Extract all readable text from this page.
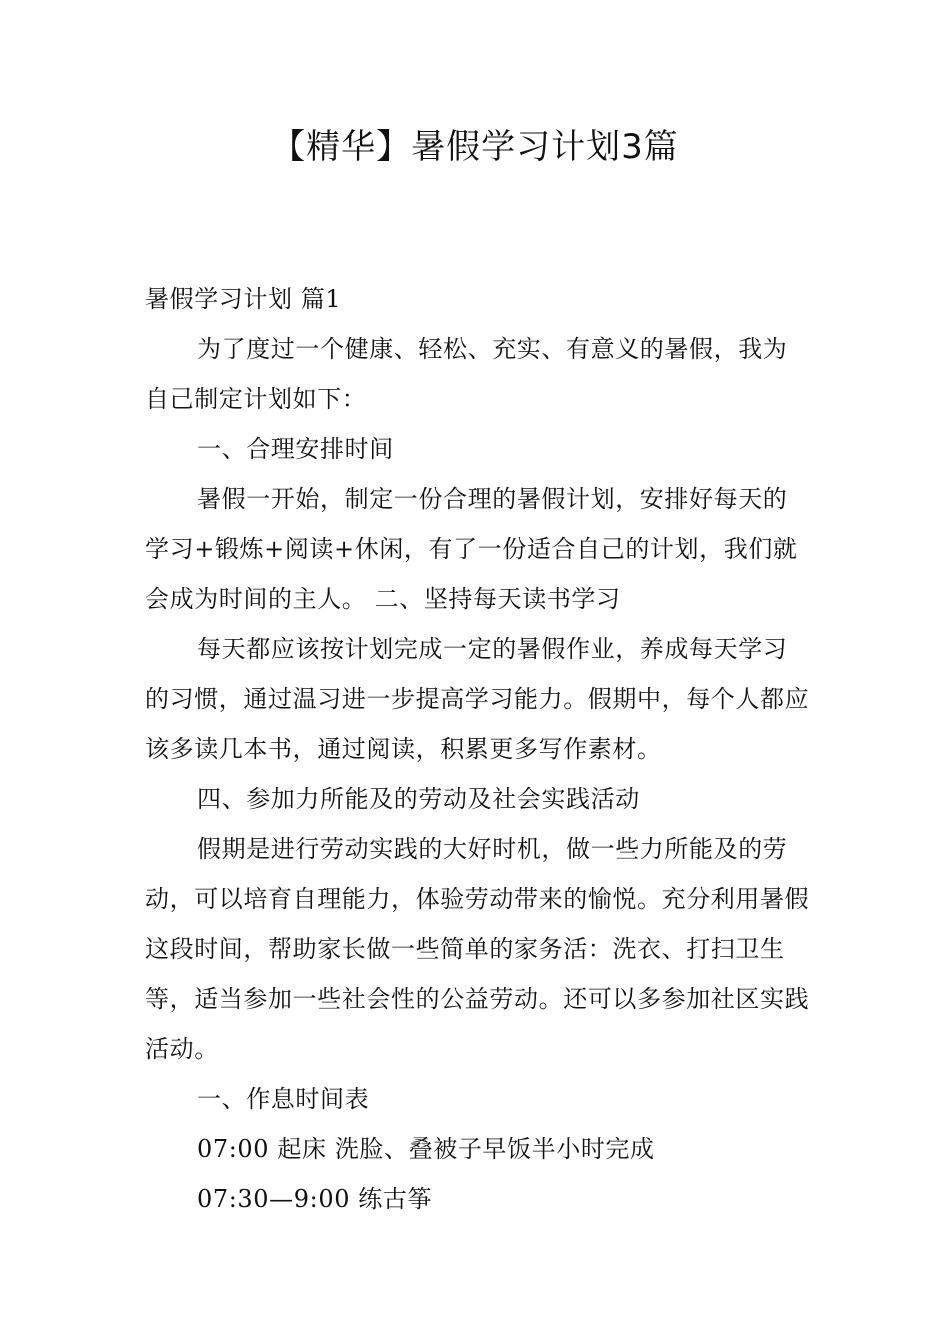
【精华】暑假学习计划3篇

暑假学习计划 篇1

为了度过一个健康、轻松、充实、有意义的暑假，我为自己制定计划如下：

一、合理安排时间

暑假一开始，制定一份合理的暑假计划，安排好每天的学习+锻炼+阅读+休闲，有了一份适合自己的计划，我们就会成为时间的主人。 二、坚持每天读书学习

每天都应该按计划完成一定的暑假作业，养成每天学习的习惯，通过温习进一步提高学习能力。假期中，每个人都应该多读几本书，通过阅读，积累更多写作素材。

四、参加力所能及的劳动及社会实践活动

假期是进行劳动实践的大好时机，做一些力所能及的劳动，可以培育自理能力，体验劳动带来的愉悦。充分利用暑假这段时间，帮助家长做一些简单的家务活：洗衣、打扫卫生等，适当参加一些社会性的公益劳动。还可以多参加社区实践活动。

一、作息时间表

07:00 起床 洗脸、叠被子早饭半小时完成

07:30—9:00 练古筝
